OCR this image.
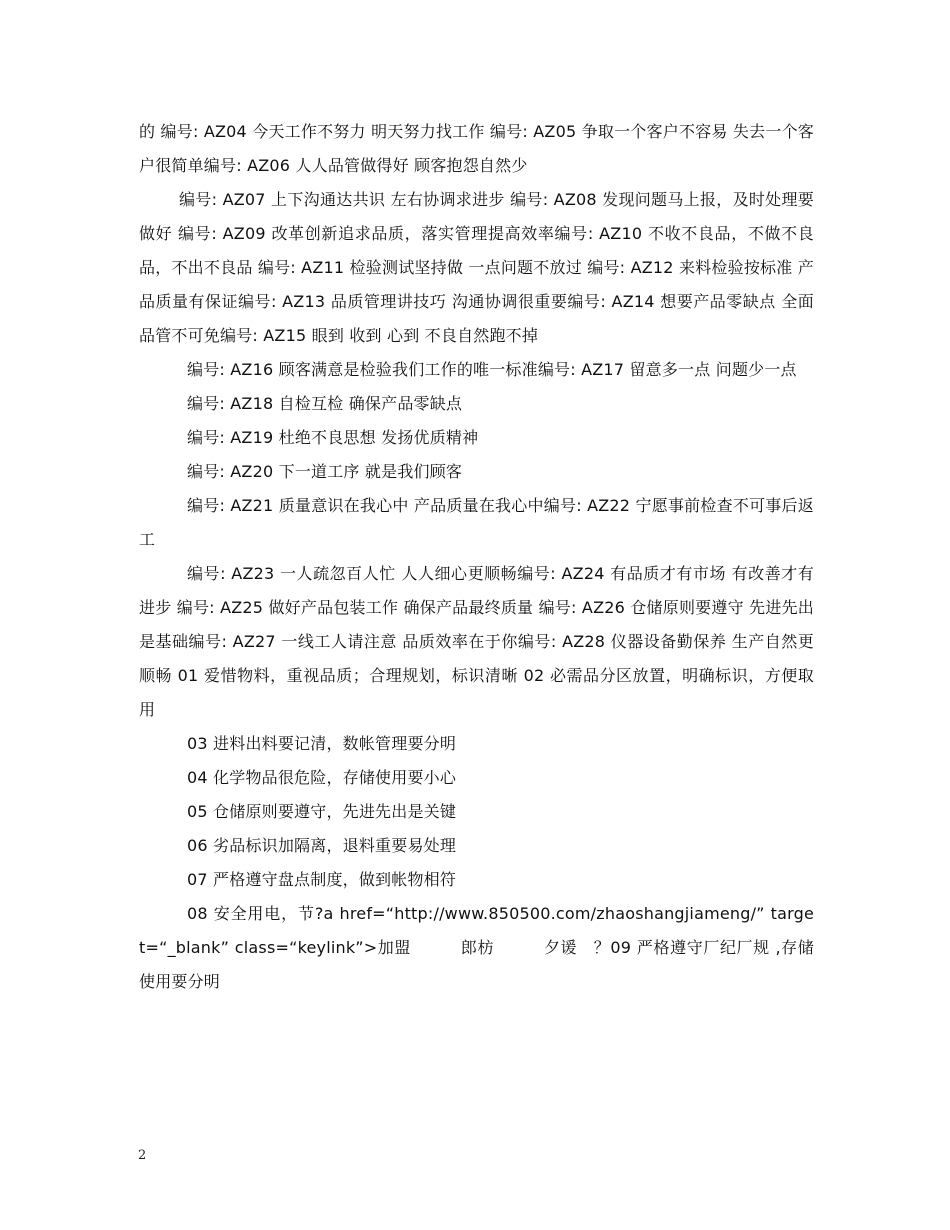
的 编号: AZ04 今天工作不努力 明天努力找工作 编号: AZ05 争取一个客户不容易 失去一个客户很简单编号: AZ06 人人品管做得好 顾客抱怨自然少

编号: AZ07 上下沟通达共识 左右协调求进步 编号: AZ08 发现问题马上报，及时处理要做好 编号: AZ09 改革创新追求品质，落实管理提高效率编号: AZ10 不收不良品，不做不良品，不出不良品 编号: AZ11 检验测试坚持做 一点问题不放过 编号: AZ12 来料检验按标准 产品质量有保证编号: AZ13 品质管理讲技巧 沟通协调很重要编号: AZ14 想要产品零缺点 全面品管不可免编号: AZ15 眼到 收到 心到 不良自然跑不掉

编号: AZ16 顾客满意是检验我们工作的唯一标准编号: AZ17 留意多一点 问题少一点

编号: AZ18 自检互检 确保产品零缺点

编号: AZ19 杜绝不良思想 发扬优质精神

编号: AZ20 下一道工序 就是我们顾客

编号: AZ21 质量意识在我心中 产品质量在我心中编号: AZ22 宁愿事前检查不可事后返工

编号: AZ23 一人疏忽百人忙 人人细心更顺畅编号: AZ24 有品质才有市场 有改善才有进步 编号: AZ25 做好产品包装工作 确保产品最终质量 编号: AZ26 仓储原则要遵守 先进先出是基础编号: AZ27 一线工人请注意 品质效率在于你编号: AZ28 仪器设备勤保养 生产自然更顺畅 01 爱惜物料，重视品质；合理规划，标识清晰 02 必需品分区放置，明确标识，方便取用

03 进料出料要记清，数帐管理要分明

04 化学物品很危险，存储使用要小心

05 仓储原则要遵守，先进先出是关键

06 劣品标识加隔离，退料重要易处理

07 严格遵守盘点制度，做到帐物相符

08 安全用电，节?a href=“http://www.850500.com/zhaoshangjiameng/” target=“_blank” class=“keylink”>加盟　　　郎枋　　　夕谖　？09 严格遵守厂纪厂规 ,存储使用要分明

2
